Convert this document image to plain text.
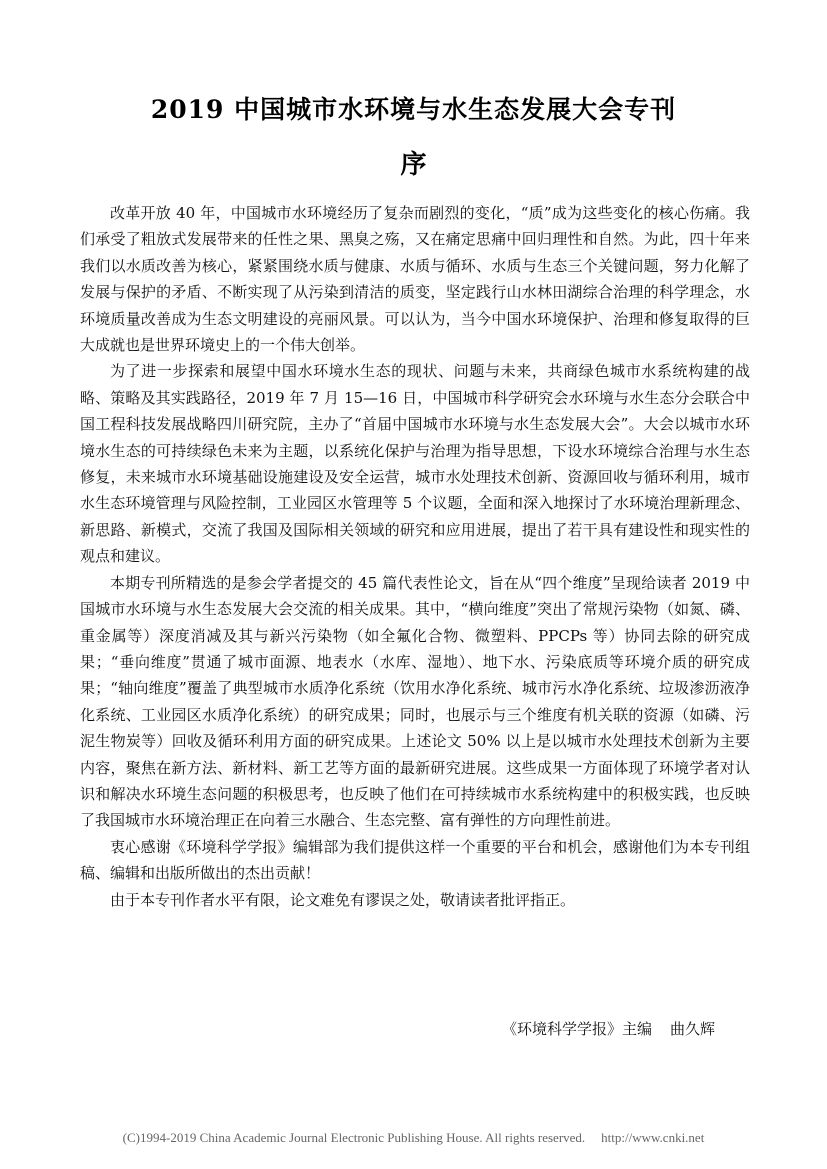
2019 中国城市水环境与水生态发展大会专刊
序

改革开放 40 年，中国城市水环境经历了复杂而剧烈的变化，“质”成为这些变化的核心伤痛。我们承受了粗放式发展带来的任性之果、黑臭之殇，又在痛定思痛中回归理性和自然。为此，四十年来我们以水质改善为核心，紧紧围绕水质与健康、水质与循环、水质与生态三个关键问题，努力化解了发展与保护的矛盾、不断实现了从污染到清洁的质变，坚定践行山水林田湖综合治理的科学理念，水环境质量改善成为生态文明建设的亮丽风景。可以认为，当今中国水环境保护、治理和修复取得的巨大成就也是世界环境史上的一个伟大创举。

为了进一步探索和展望中国水环境水生态的现状、问题与未来，共商绿色城市水系统构建的战略、策略及其实践路径，2019 年 7 月 15—16 日，中国城市科学研究会水环境与水生态分会联合中国工程科技发展战略四川研究院，主办了“首届中国城市水环境与水生态发展大会”。大会以城市水环境水生态的可持续绿色未来为主题，以系统化保护与治理为指导思想，下设水环境综合治理与水生态修复，未来城市水环境基础设施建设及安全运营，城市水处理技术创新、资源回收与循环利用，城市水生态环境管理与风险控制，工业园区水管理等 5 个议题，全面和深入地探讨了水环境治理新理念、新思路、新模式，交流了我国及国际相关领域的研究和应用进展，提出了若干具有建设性和现实性的观点和建议。

本期专刊所精选的是参会学者提交的 45 篇代表性论文，旨在从“四个维度”呈现给读者 2019 中国城市水环境与水生态发展大会交流的相关成果。其中，“横向维度”突出了常规污染物（如氮、磷、重金属等）深度消减及其与新兴污染物（如全氟化合物、微塑料、PPCPs 等）协同去除的研究成果；“垂向维度”贯通了城市面源、地表水（水库、湿地）、地下水、污染底质等环境介质的研究成果；“轴向维度”覆盖了典型城市水质净化系统（饮用水净化系统、城市污水净化系统、垃圾渗沥液净化系统、工业园区水质净化系统）的研究成果；同时，也展示与三个维度有机关联的资源（如磷、污泥生物炭等）回收及循环利用方面的研究成果。上述论文 50% 以上是以城市水处理技术创新为主要内容，聚焦在新方法、新材料、新工艺等方面的最新研究进展。这些成果一方面体现了环境学者对认识和解决水环境生态问题的积极思考，也反映了他们在可持续城市水系统构建中的积极实践，也反映了我国城市水环境治理正在向着三水融合、生态完整、富有弹性的方向理性前进。

衷心感谢《环境科学学报》编辑部为我们提供这样一个重要的平台和机会，感谢他们为本专刊组稿、编辑和出版所做出的杰出贡献！

由于本专刊作者水平有限，论文难免有谬误之处，敬请读者批评指正。

《环境科学学报》主编 曲久辉
(C)1994-2019 China Academic Journal Electronic Publishing House. All rights reserved. http://www.cnki.net
